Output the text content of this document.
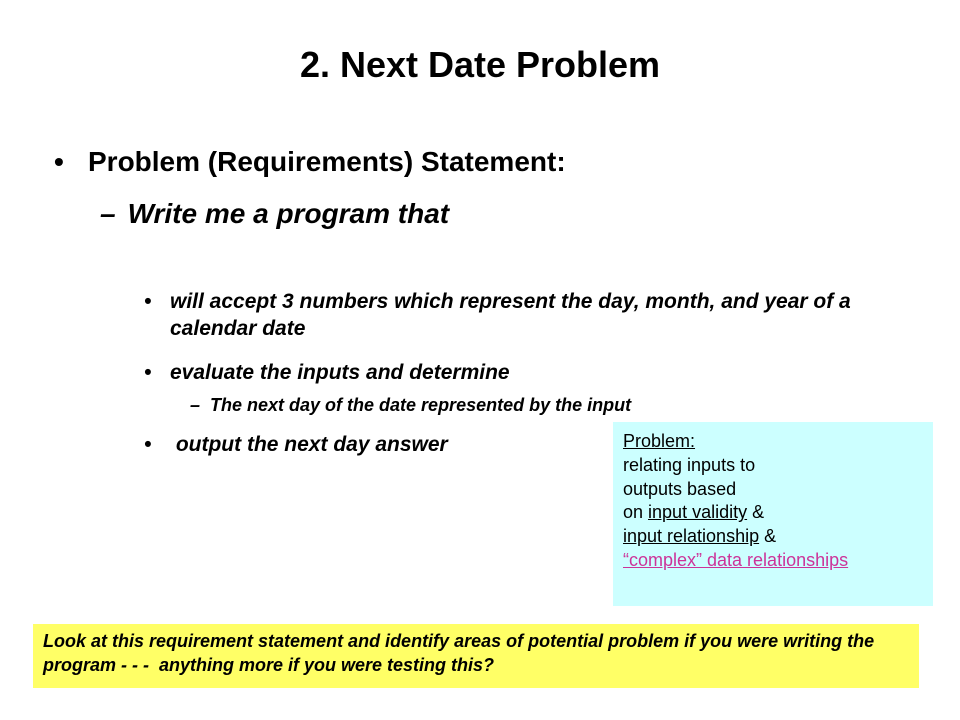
2. Next Date Problem
• Problem (Requirements) Statement:
– Write me a program that
• will accept 3 numbers which represent the day, month, and year of a calendar date
• evaluate the inputs and determine
– The next day of the date represented by the input
• output the next day answer	Problem:
relating inputs to
outputs based
on input validity &
input relationship &
“complex” data relationships
Look at this requirement statement and identify areas of potential problem if you were writing the program - - -  anything more if you were testing this?
